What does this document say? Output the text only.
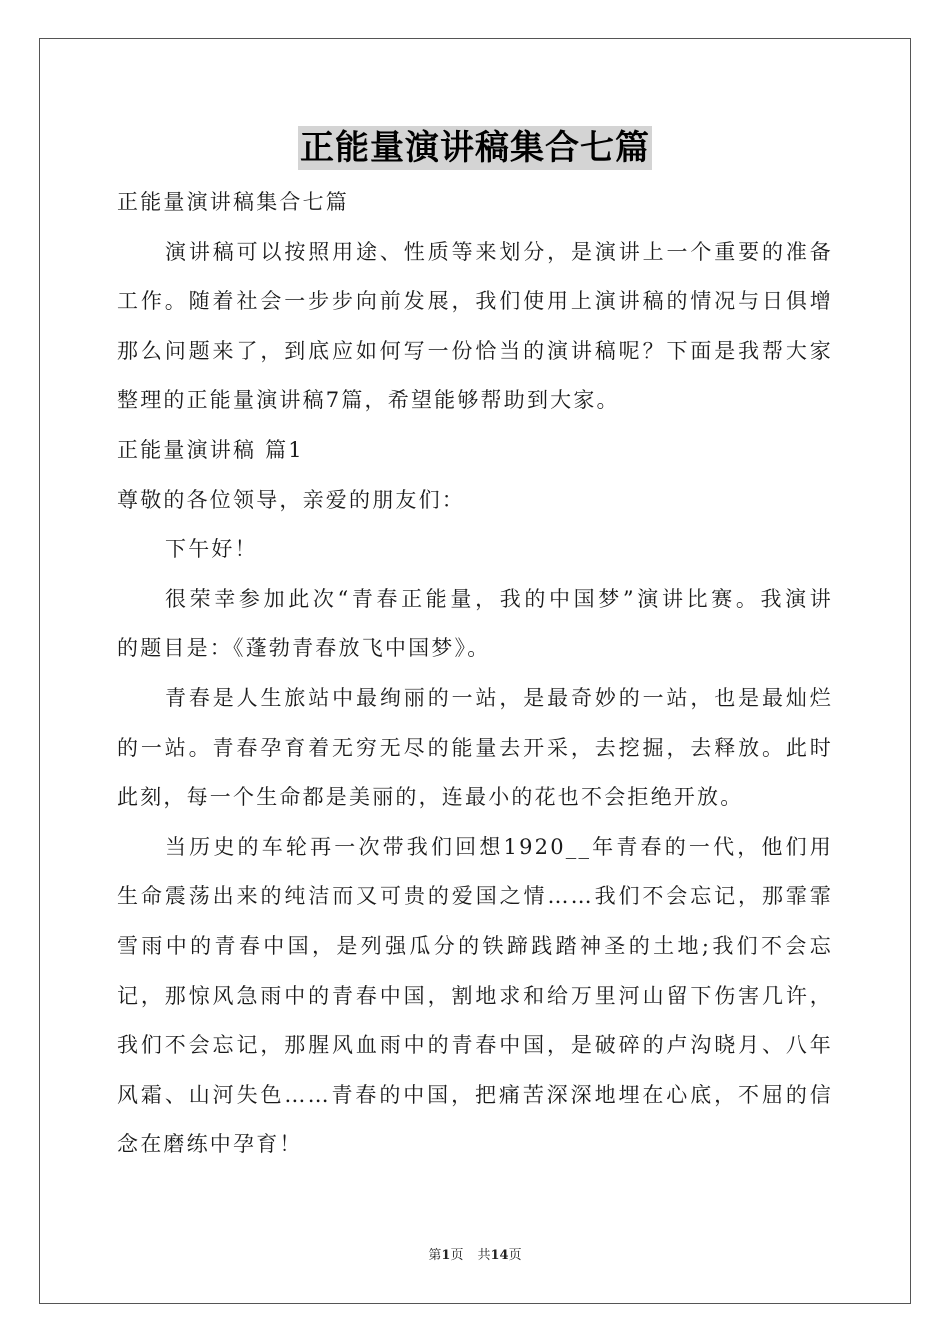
正能量演讲稿集合七篇
正能量演讲稿集合七篇
演讲稿可以按照用途、性质等来划分，是演讲上一个重要的准备
工作。随着社会一步步向前发展，我们使用上演讲稿的情况与日俱增
那么问题来了，到底应如何写一份恰当的演讲稿呢？下面是我帮大家
整理的正能量演讲稿7篇，希望能够帮助到大家。
正能量演讲稿 篇1
尊敬的各位领导，亲爱的朋友们：
下午好！
很荣幸参加此次“青春正能量，我的中国梦”演讲比赛。我演讲
的题目是：《蓬勃青春放飞中国梦》。
青春是人生旅站中最绚丽的一站，是最奇妙的一站，也是最灿烂
的一站。青春孕育着无穷无尽的能量去开采，去挖掘，去释放。此时
此刻，每一个生命都是美丽的，连最小的花也不会拒绝开放。
当历史的车轮再一次带我们回想1920__年青春的一代，他们用
生命震荡出来的纯洁而又可贵的爱国之情……我们不会忘记，那霏霏
雪雨中的青春中国，是列强瓜分的铁蹄践踏神圣的土地;我们不会忘
记，那惊风急雨中的青春中国，割地求和给万里河山留下伤害几许，
我们不会忘记，那腥风血雨中的青春中国，是破碎的卢沟晓月、八年
风霜、山河失色……青春的中国，把痛苦深深地埋在心底，不屈的信
念在磨练中孕育！
第1页 共14页
